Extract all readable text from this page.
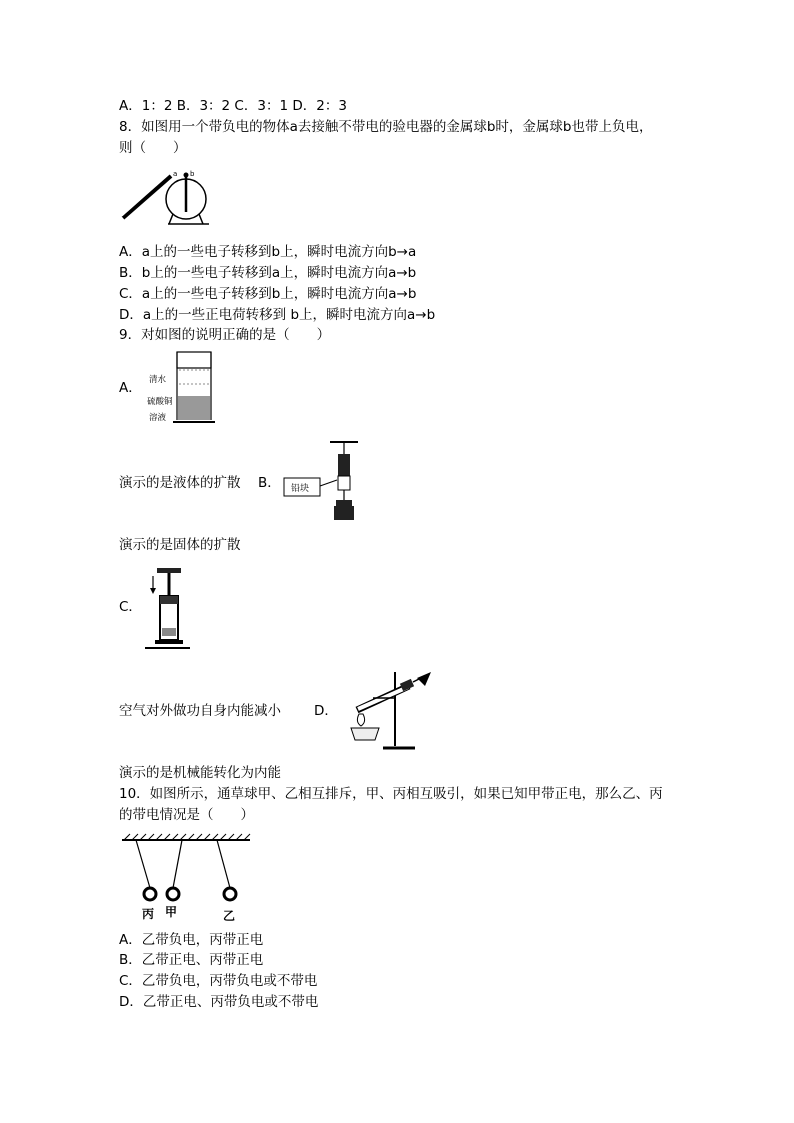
A．1：2 B．3：2 C．3：1 D．2：3
8．如图用一个带负电的物体a去接触不带电的验电器的金属球b时，金属球b也带上负电，
则（　　）
a b
A．a上的一些电子转移到b上，瞬时电流方向b→a
B．b上的一些电子转移到a上，瞬时电流方向a→b
C．a上的一些电子转移到b上，瞬时电流方向a→b
D．a上的一些正电荷转移到 b上，瞬时电流方向a→b
9．对如图的说明正确的是（　　）
A． 清水
硫酸铜
溶液
演示的是液体的扩散 B． 铅块
演示的是固体的扩散
C．
空气对外做功自身内能减小 D．
演示的是机械能转化为内能
10．如图所示，通草球甲、乙相互排斥，甲、丙相互吸引，如果已知甲带正电，那么乙、丙
的带电情况是（　　）
丙 甲	乙
A．乙带负电，丙带正电
B．乙带正电、丙带正电
C．乙带负电，丙带负电或不带电
D．乙带正电、丙带负电或不带电
